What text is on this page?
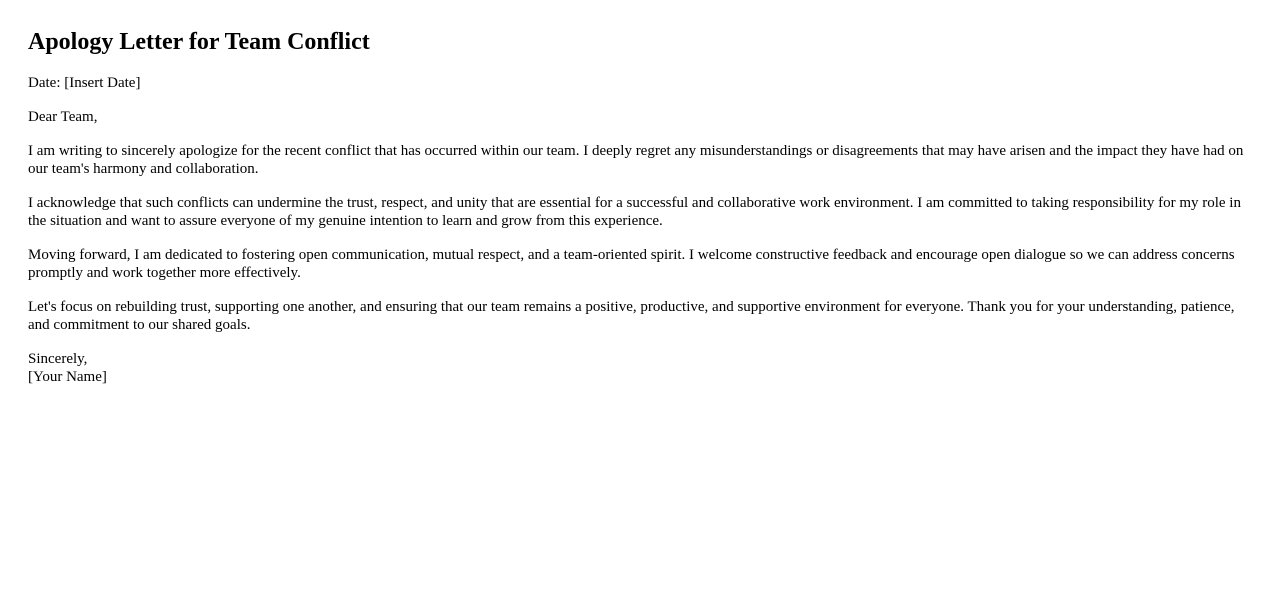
Apology Letter for Team Conflict

Date: [Insert Date]

Dear Team,

I am writing to sincerely apologize for the recent conflict that has occurred within our team. I deeply regret any misunderstandings or disagreements that may have arisen and the impact they have had on our team's harmony and collaboration.

I acknowledge that such conflicts can undermine the trust, respect, and unity that are essential for a successful and collaborative work environment. I am committed to taking responsibility for my role in the situation and want to assure everyone of my genuine intention to learn and grow from this experience.

Moving forward, I am dedicated to fostering open communication, mutual respect, and a team-oriented spirit. I welcome constructive feedback and encourage open dialogue so we can address concerns promptly and work together more effectively.

Let's focus on rebuilding trust, supporting one another, and ensuring that our team remains a positive, productive, and supportive environment for everyone. Thank you for your understanding, patience, and commitment to our shared goals.

Sincerely,
[Your Name]
